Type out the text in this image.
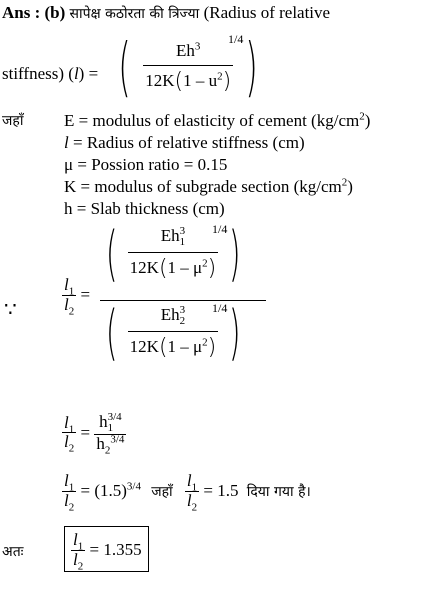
Ans : (b) सापेक्ष कठोरता की त्रिज्या (Radius of relative
stiffness) (l) = ( $\frac{Eh^3}{12K(1 - u^2)}$ )
1/4
जहाँ E = modulus of elasticity of cement $(kg/cm^2)$
l = Radius of relative stiffness (cm)
μ = Possion ratio = 0.15
K = modulus of subgrade section $(kg/cm^2)$
h = Slab thickness (cm)
∵	$\frac{l_1}{l_2}$ =
( Eh 3
1
$12K(1 - \mu^2)$ )
1/4
( Eh 3
2
$12K(1 - \mu^2)$ )
1/4
$\frac{l_1}{l_2} = h$ 3/4
1
$h_2^{3/4}$
$\frac{l_1}{l_2} = (1.5)^{3/4}$ जहाँ $\frac{l_1}{l_2} = 1.5$ दिया गया है।
अतः	$\frac{l_1}{l_2} = 1.355$
